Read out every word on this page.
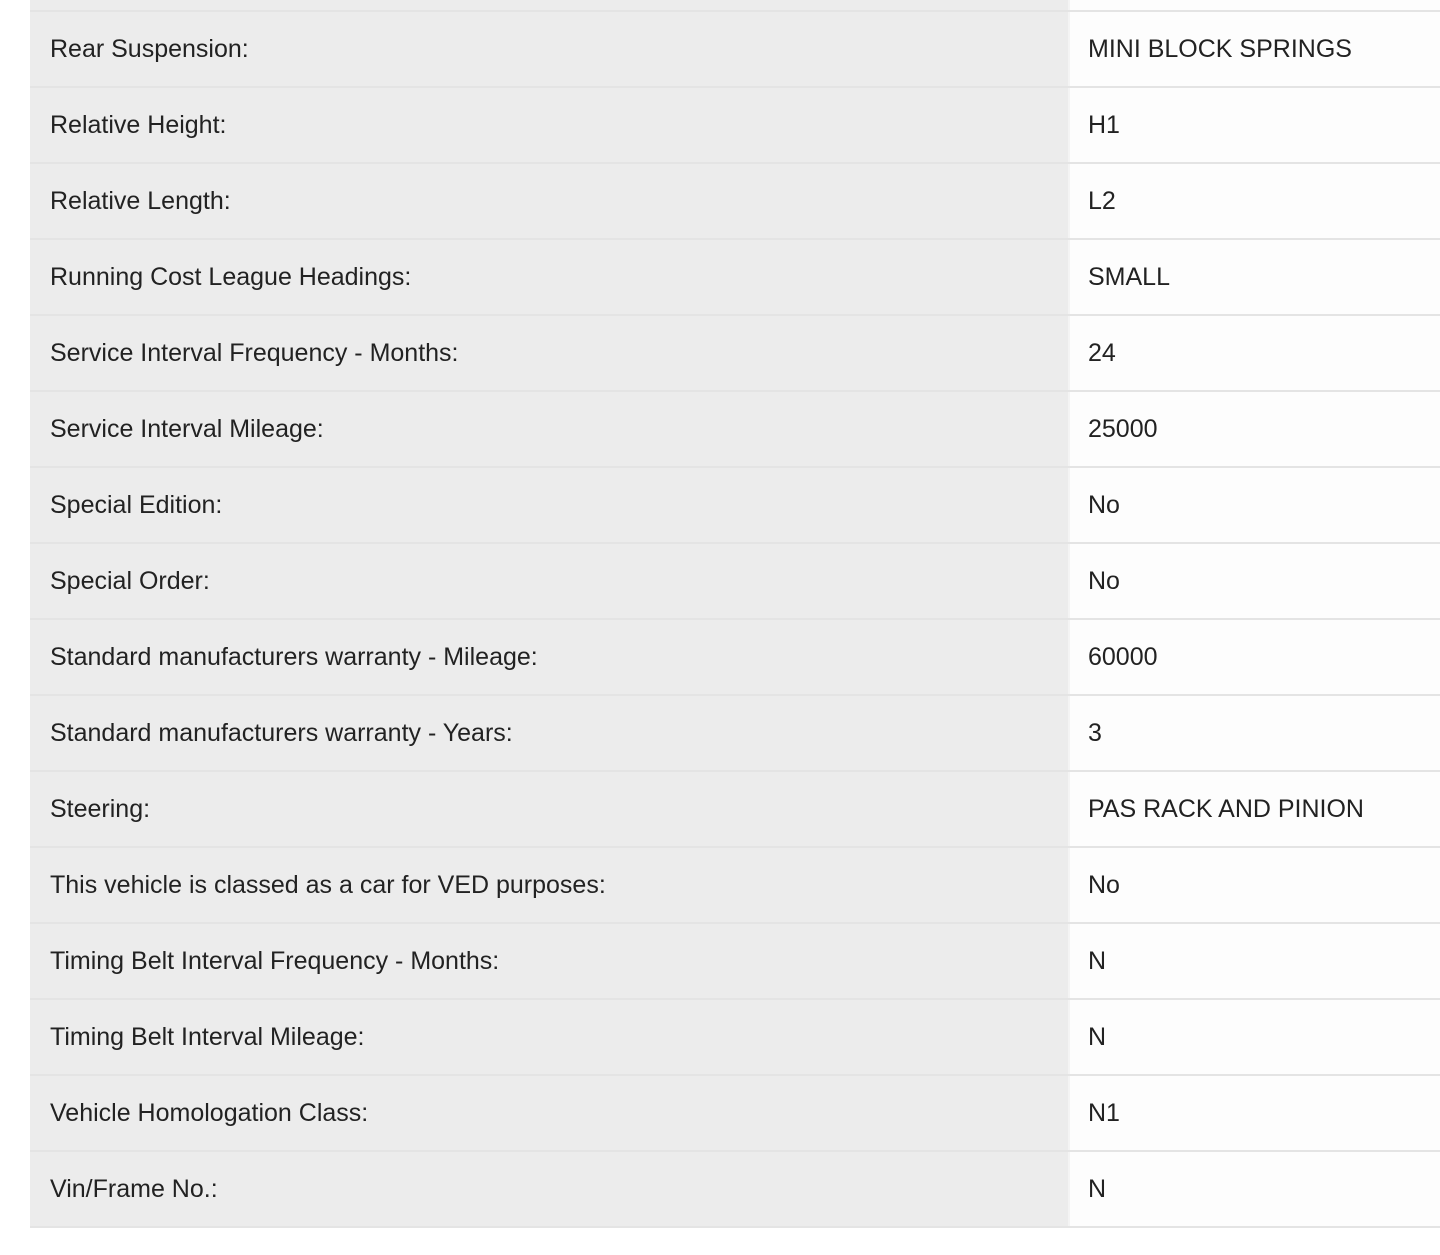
Rear Suspension:	MINI BLOCK SPRINGS
Relative Height:	H1
Relative Length:	L2
Running Cost League Headings:	SMALL
Service Interval Frequency - Months:	24
Service Interval Mileage:	25000
Special Edition:	No
Special Order:	No
Standard manufacturers warranty - Mileage:	60000
Standard manufacturers warranty - Years:	3
Steering:	PAS RACK AND PINION
This vehicle is classed as a car for VED purposes:	No
Timing Belt Interval Frequency - Months:	N
Timing Belt Interval Mileage:	N
Vehicle Homologation Class:	N1
Vin/Frame No.:	N
